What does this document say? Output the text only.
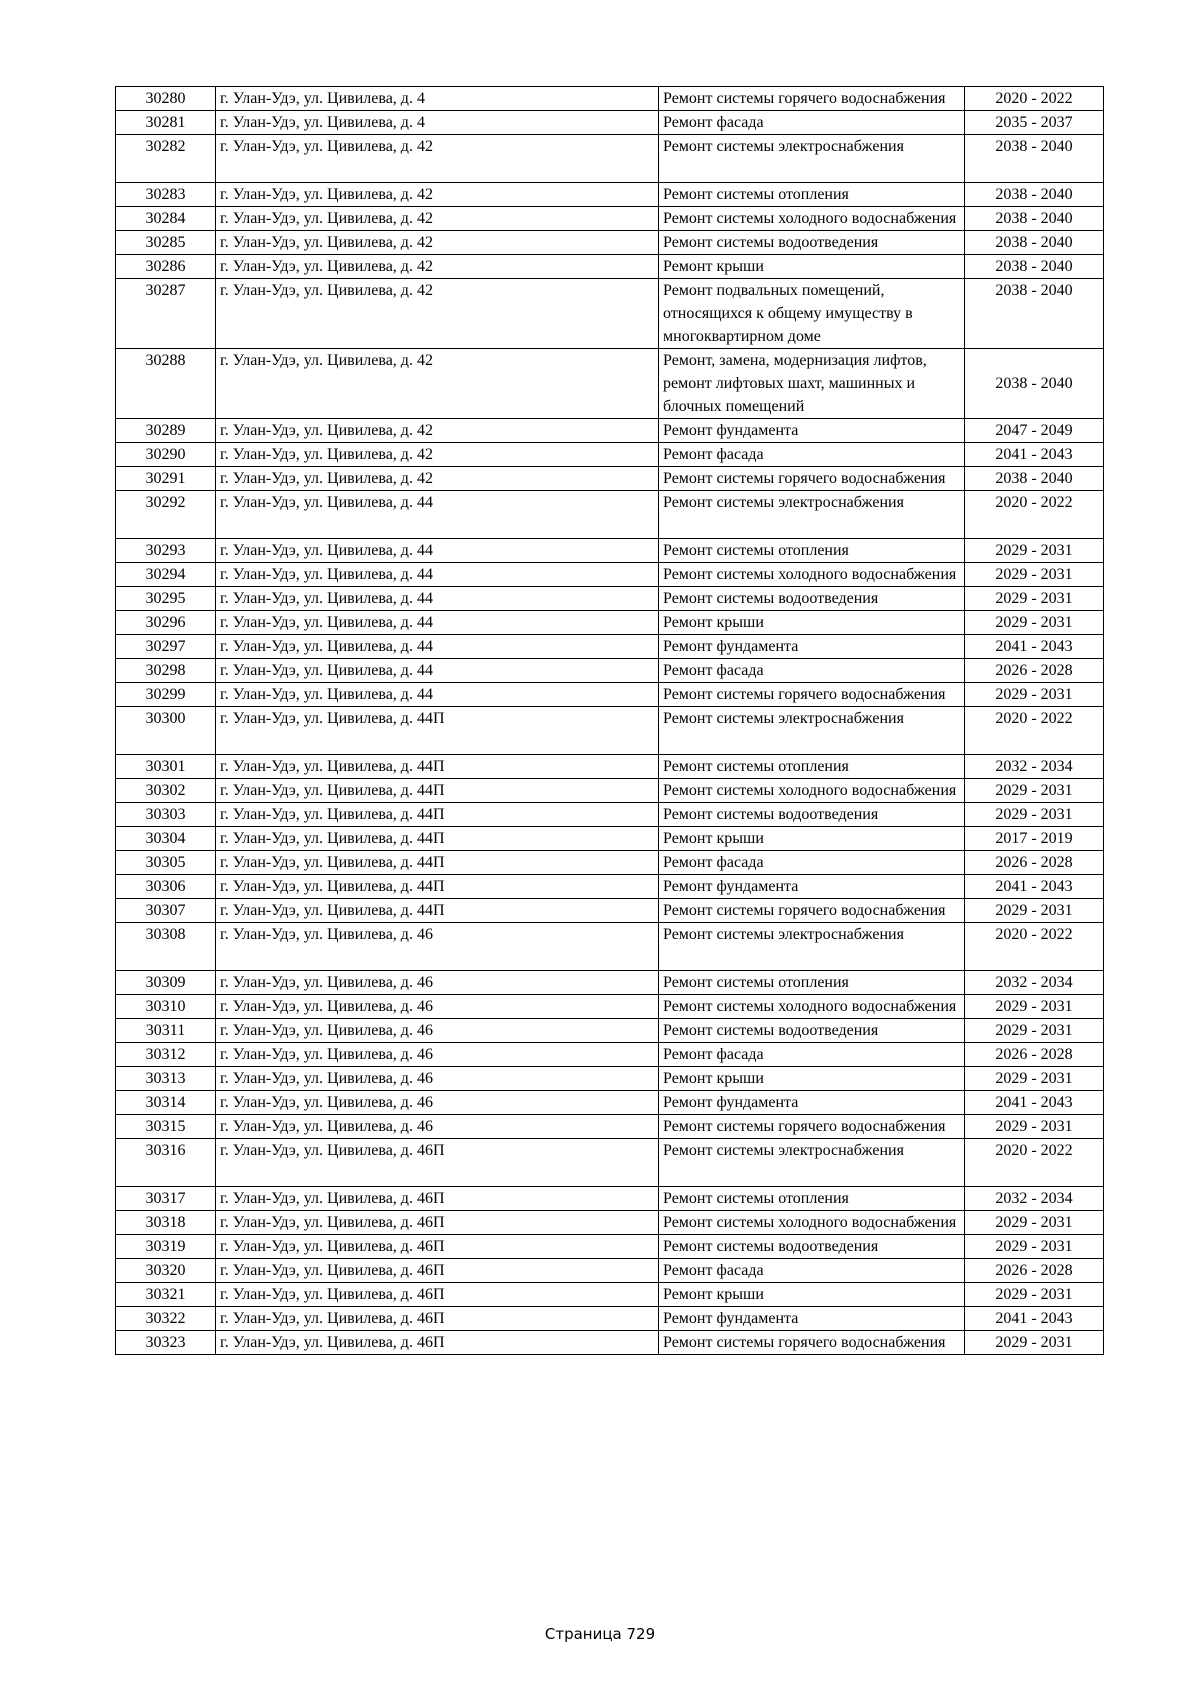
30280	г. Улан-Удэ, ул. Цивилева, д. 4	Ремонт системы горячего водоснабжения	2020 - 2022
30281	г. Улан-Удэ, ул. Цивилева, д. 4	Ремонт фасада	2035 - 2037
30282	г. Улан-Удэ, ул. Цивилева, д. 42	Ремонт системы электроснабжения	2038 - 2040
30283	г. Улан-Удэ, ул. Цивилева, д. 42	Ремонт системы отопления	2038 - 2040
30284	г. Улан-Удэ, ул. Цивилева, д. 42	Ремонт системы холодного водоснабжения	2038 - 2040
30285	г. Улан-Удэ, ул. Цивилева, д. 42	Ремонт системы водоотведения	2038 - 2040
30286	г. Улан-Удэ, ул. Цивилева, д. 42	Ремонт крыши	2038 - 2040
30287	г. Улан-Удэ, ул. Цивилева, д. 42	Ремонт подвальных помещений, относящихся к общему имуществу в многоквартирном доме	2038 - 2040
30288	г. Улан-Удэ, ул. Цивилева, д. 42	Ремонт, замена, модернизация лифтов, ремонт лифтовых шахт, машинных и блочных помещений	2038 - 2040
30289	г. Улан-Удэ, ул. Цивилева, д. 42	Ремонт фундамента	2047 - 2049
30290	г. Улан-Удэ, ул. Цивилева, д. 42	Ремонт фасада	2041 - 2043
30291	г. Улан-Удэ, ул. Цивилева, д. 42	Ремонт системы горячего водоснабжения	2038 - 2040
30292	г. Улан-Удэ, ул. Цивилева, д. 44	Ремонт системы электроснабжения	2020 - 2022
30293	г. Улан-Удэ, ул. Цивилева, д. 44	Ремонт системы отопления	2029 - 2031
30294	г. Улан-Удэ, ул. Цивилева, д. 44	Ремонт системы холодного водоснабжения	2029 - 2031
30295	г. Улан-Удэ, ул. Цивилева, д. 44	Ремонт системы водоотведения	2029 - 2031
30296	г. Улан-Удэ, ул. Цивилева, д. 44	Ремонт крыши	2029 - 2031
30297	г. Улан-Удэ, ул. Цивилева, д. 44	Ремонт фундамента	2041 - 2043
30298	г. Улан-Удэ, ул. Цивилева, д. 44	Ремонт фасада	2026 - 2028
30299	г. Улан-Удэ, ул. Цивилева, д. 44	Ремонт системы горячего водоснабжения	2029 - 2031
30300	г. Улан-Удэ, ул. Цивилева, д. 44П	Ремонт системы электроснабжения	2020 - 2022
30301	г. Улан-Удэ, ул. Цивилева, д. 44П	Ремонт системы отопления	2032 - 2034
30302	г. Улан-Удэ, ул. Цивилева, д. 44П	Ремонт системы холодного водоснабжения	2029 - 2031
30303	г. Улан-Удэ, ул. Цивилева, д. 44П	Ремонт системы водоотведения	2029 - 2031
30304	г. Улан-Удэ, ул. Цивилева, д. 44П	Ремонт крыши	2017 - 2019
30305	г. Улан-Удэ, ул. Цивилева, д. 44П	Ремонт фасада	2026 - 2028
30306	г. Улан-Удэ, ул. Цивилева, д. 44П	Ремонт фундамента	2041 - 2043
30307	г. Улан-Удэ, ул. Цивилева, д. 44П	Ремонт системы горячего водоснабжения	2029 - 2031
30308	г. Улан-Удэ, ул. Цивилева, д. 46	Ремонт системы электроснабжения	2020 - 2022
30309	г. Улан-Удэ, ул. Цивилева, д. 46	Ремонт системы отопления	2032 - 2034
30310	г. Улан-Удэ, ул. Цивилева, д. 46	Ремонт системы холодного водоснабжения	2029 - 2031
30311	г. Улан-Удэ, ул. Цивилева, д. 46	Ремонт системы водоотведения	2029 - 2031
30312	г. Улан-Удэ, ул. Цивилева, д. 46	Ремонт фасада	2026 - 2028
30313	г. Улан-Удэ, ул. Цивилева, д. 46	Ремонт крыши	2029 - 2031
30314	г. Улан-Удэ, ул. Цивилева, д. 46	Ремонт фундамента	2041 - 2043
30315	г. Улан-Удэ, ул. Цивилева, д. 46	Ремонт системы горячего водоснабжения	2029 - 2031
30316	г. Улан-Удэ, ул. Цивилева, д. 46П	Ремонт системы электроснабжения	2020 - 2022
30317	г. Улан-Удэ, ул. Цивилева, д. 46П	Ремонт системы отопления	2032 - 2034
30318	г. Улан-Удэ, ул. Цивилева, д. 46П	Ремонт системы холодного водоснабжения	2029 - 2031
30319	г. Улан-Удэ, ул. Цивилева, д. 46П	Ремонт системы водоотведения	2029 - 2031
30320	г. Улан-Удэ, ул. Цивилева, д. 46П	Ремонт фасада	2026 - 2028
30321	г. Улан-Удэ, ул. Цивилева, д. 46П	Ремонт крыши	2029 - 2031
30322	г. Улан-Удэ, ул. Цивилева, д. 46П	Ремонт фундамента	2041 - 2043
30323	г. Улан-Удэ, ул. Цивилева, д. 46П	Ремонт системы горячего водоснабжения	2029 - 2031
Страница 729
